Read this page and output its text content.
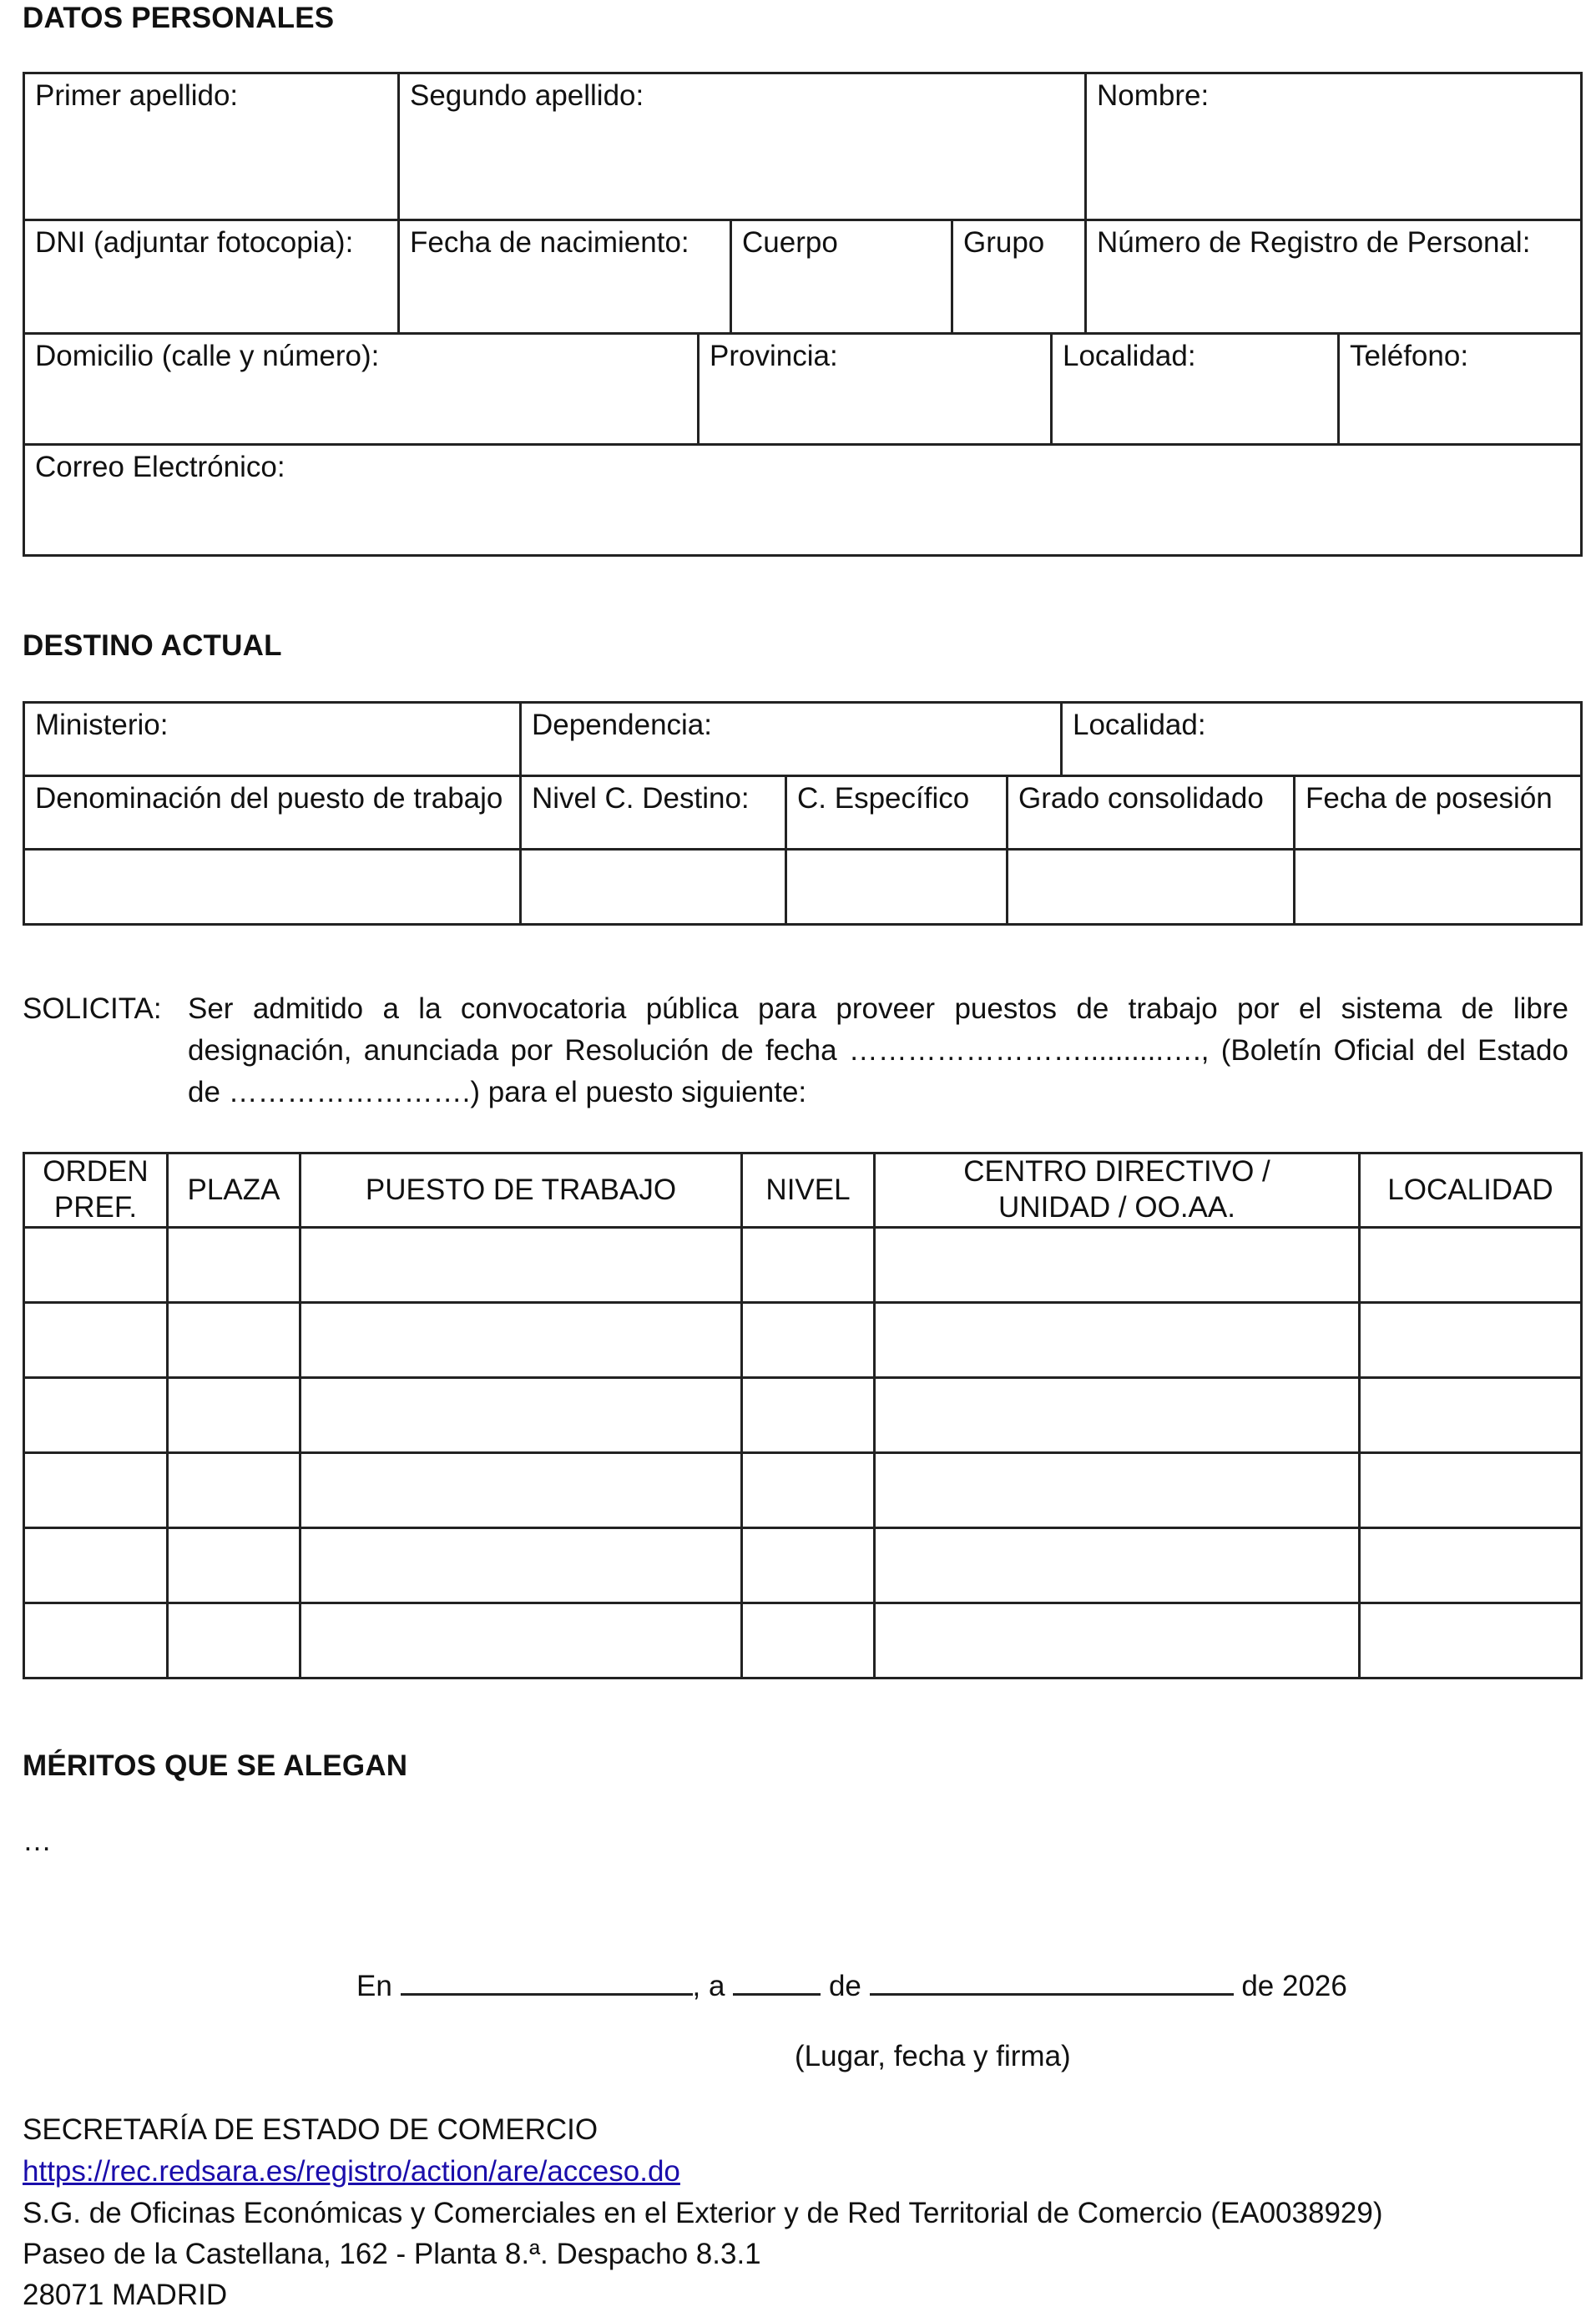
DATOS PERSONALES
Primer apellido:	Segundo apellido:			Nombre:
DNI (adjuntar fotocopia):	Fecha de nacimiento:	Cuerpo	Grupo	Número de Registro de Personal:
Domicilio (calle y número):	Provincia:	Localidad:	Teléfono:
Correo Electrónico:
DESTINO ACTUAL
Ministerio:	Dependencia:	Localidad:
Denominación del puesto de trabajo	Nivel C. Destino:	C. Específico	Grado consolidado	Fecha de posesión

SOLICITA: Ser admitido a la convocatoria pública para proveer puestos de trabajo por el sistema de libre designación, anunciada por Resolución de fecha ……………………..........…., (Boletín Oficial del Estado de …………………….) para el puesto siguiente:
ORDEN PREF.	PLAZA	PUESTO DE TRABAJO	NIVEL	CENTRO DIRECTIVO / UNIDAD / OO.AA.	LOCALIDAD

MÉRITOS QUE SE ALEGAN
…
En	, a	de	de 2026
(Lugar, fecha y firma)
SECRETARÍA DE ESTADO DE COMERCIO
https://rec.redsara.es/registro/action/are/acceso.do
S.G. de Oficinas Económicas y Comerciales en el Exterior y de Red Territorial de Comercio (EA0038929)
Paseo de la Castellana, 162 - Planta 8.ª. Despacho 8.3.1
28071 MADRID
